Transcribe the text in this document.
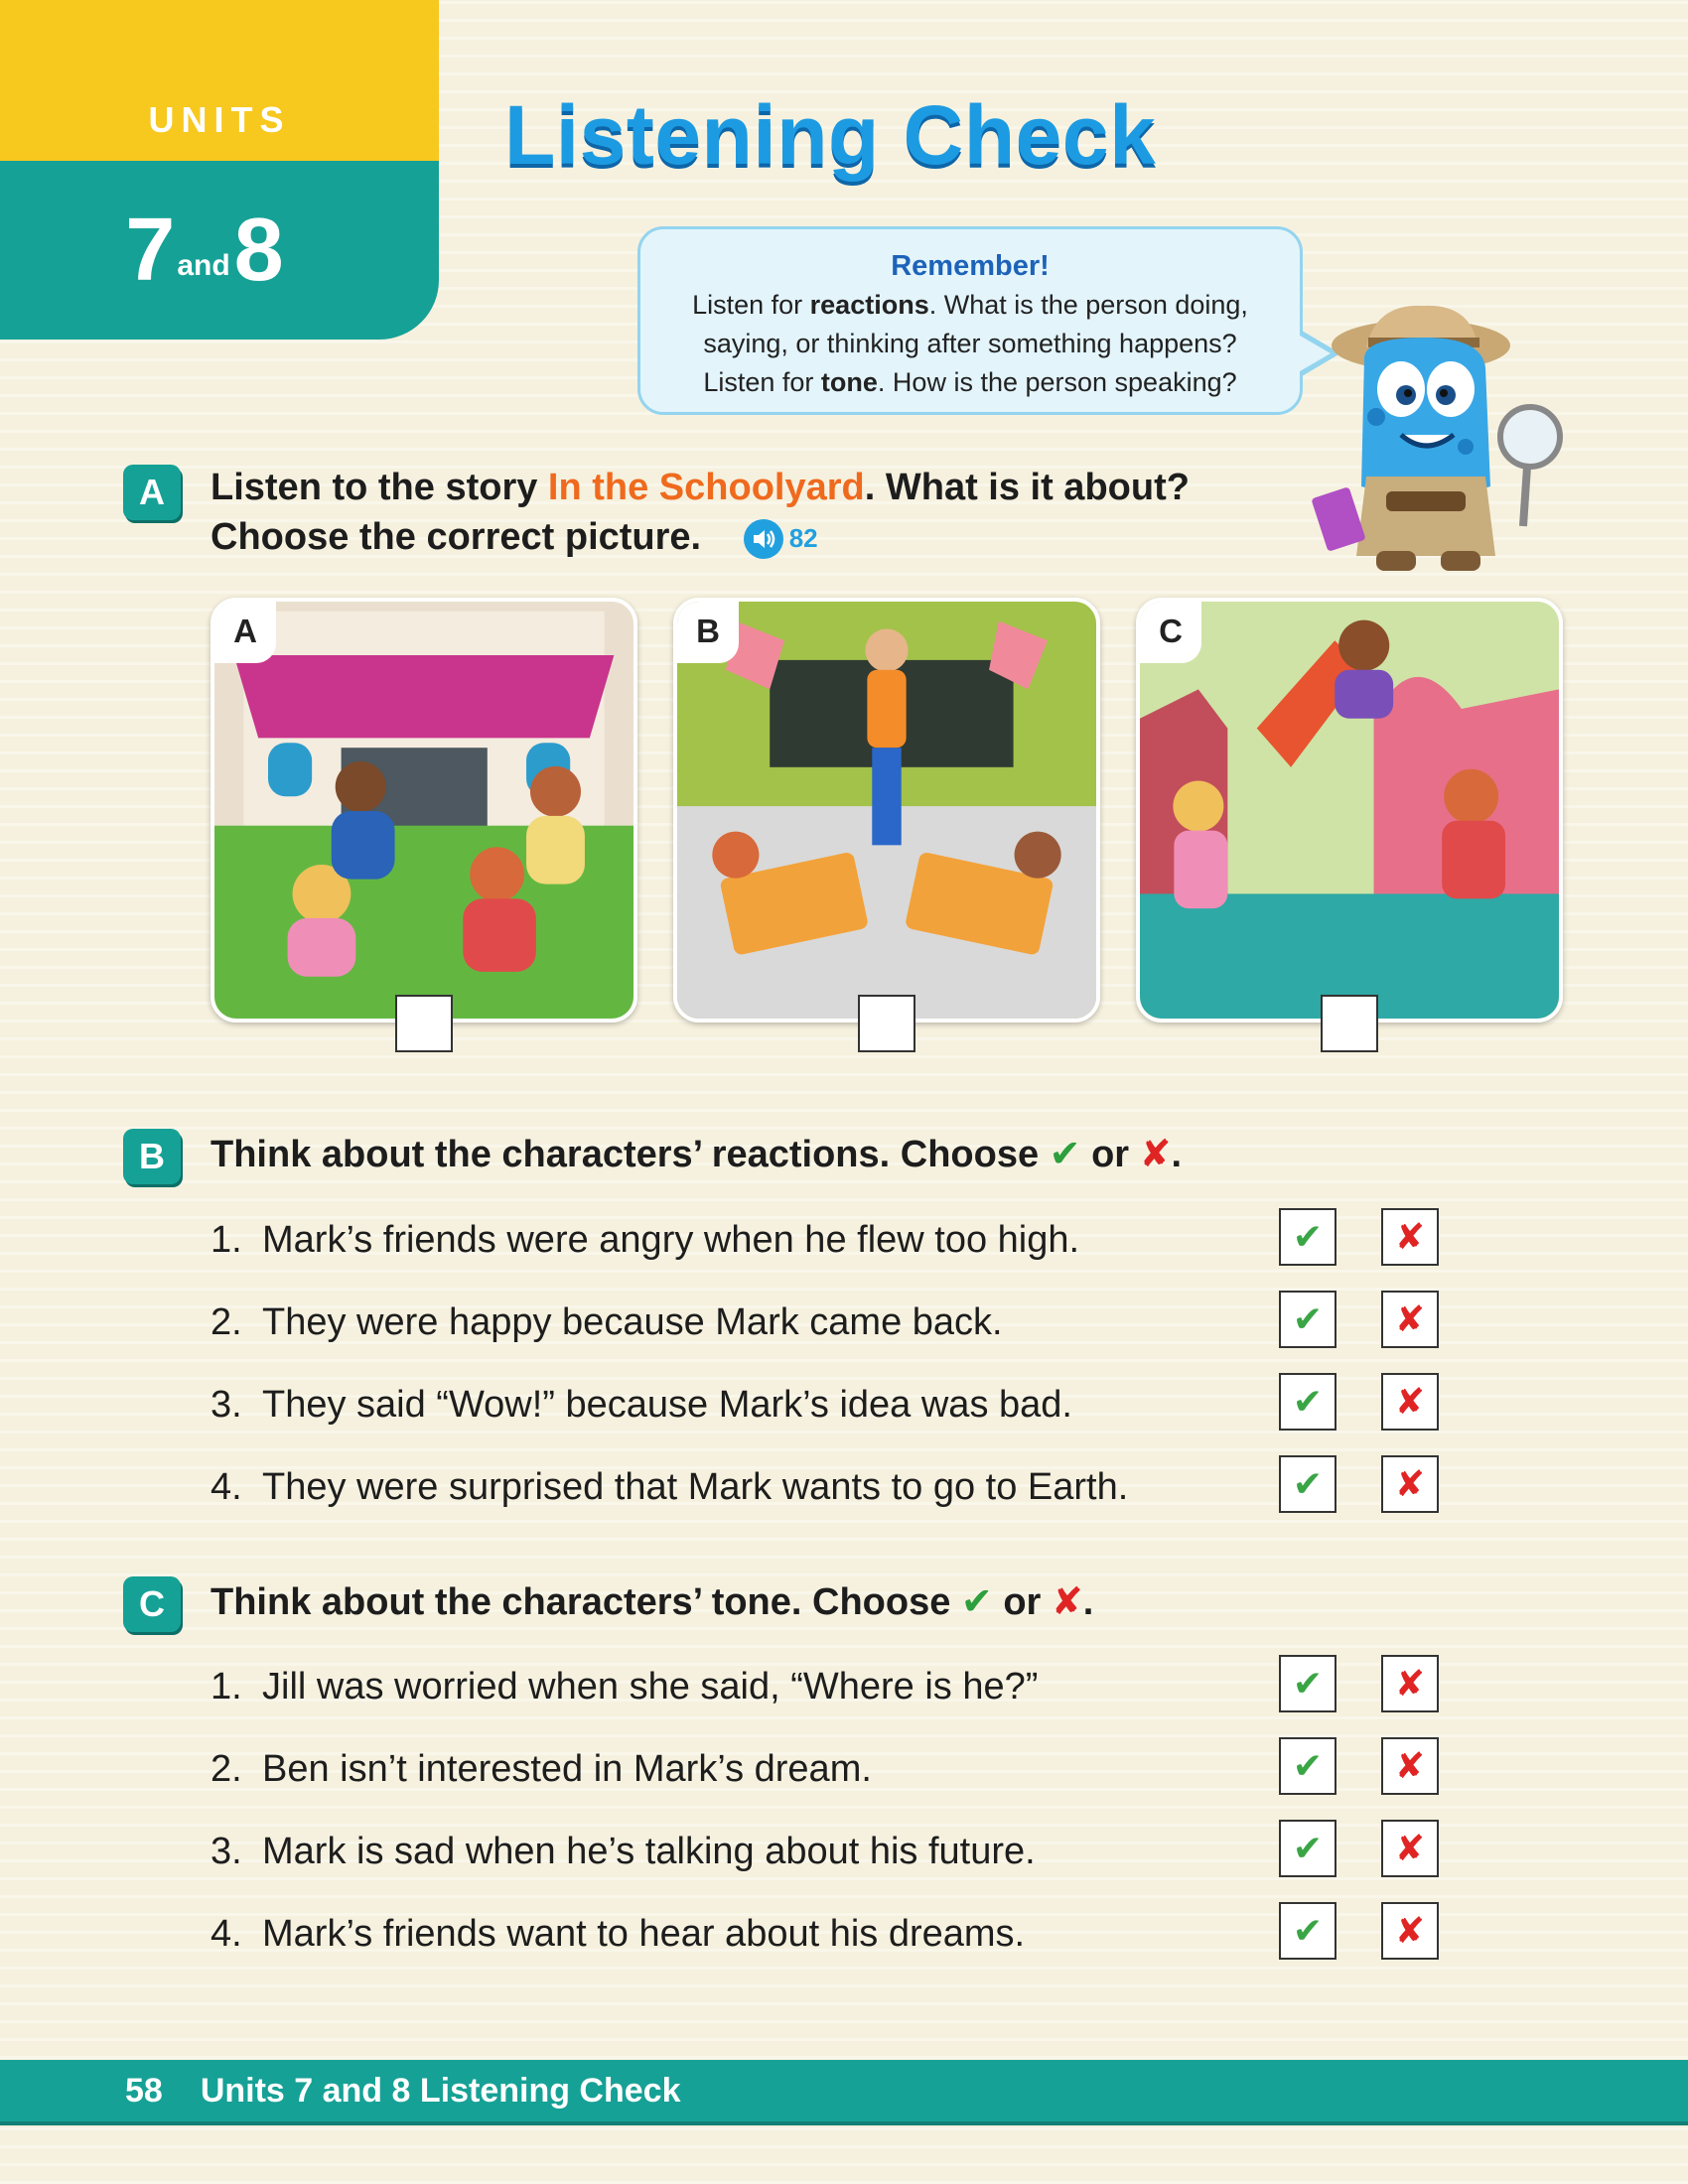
UNITS
7 and 8
Listening Check
Remember!
Listen for reactions. What is the person doing,
saying, or thinking after something happens?
Listen for tone. How is the person speaking?
A	Listen to the story In the Schoolyard. What is it about?
Choose the correct picture.	82
A	B	C
B	Think about the characters’ reactions. Choose ✔ or ✘.
1. Mark’s friends were angry when he flew too high.	✔	✘
2. They were happy because Mark came back.	✔	✘
3. They said “Wow!” because Mark’s idea was bad.	✔	✘
4. They were surprised that Mark wants to go to Earth.	✔	✘
C	Think about the characters’ tone. Choose ✔ or ✘.
1. Jill was worried when she said, “Where is he?”	✔	✘
2. Ben isn’t interested in Mark’s dream.	✔	✘
3. Mark is sad when he’s talking about his future.	✔	✘
4. Mark’s friends want to hear about his dreams.	✔	✘
58 Units 7 and 8 Listening Check
